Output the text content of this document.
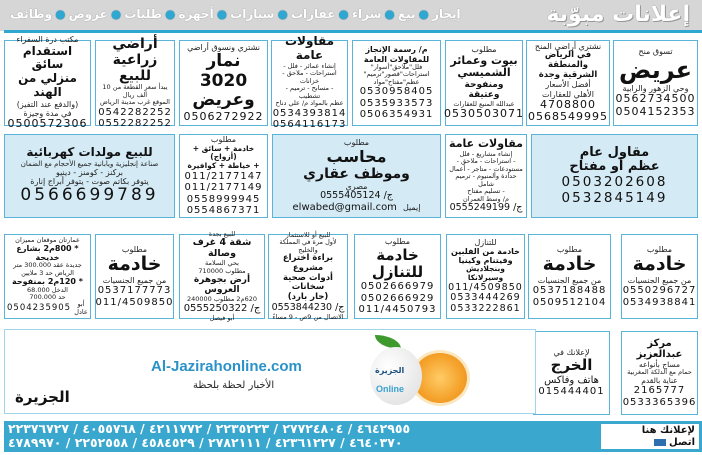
إعلانات مبوّبة
إيجار●بيع●شراء●عقارات●سيارات●أجهزة●طلبات●عروض●وظائف
تسوق منح
عريض
وحي الزهور والرابية
0562734500
0504152353
نشتري أراضي المنح
في الرياض والمنطقة
الشرقية وجدة
أفضل الأسعار
الأهلي للعقارات
4708800
0568549995
مطلوب
بيوت وعمائر
الشميسي
ومنفوحة وعتيقة
عبدالله المنيع للعقارات
0530503071
م/ رسمة الإنجاز
للمقاولات العامة
فلل"ملاحق"أسوار"
استراحات"قصور"ترميم"
عظم"مفتاح"مواد
0530958405
0535933573
0506354931
مقاولات عامة
إنشاء عمائر - فلل -
استراحات - ملاحق - خزانات
- مسابح - ترميم - تشطيب
عظم بالمواد م/ علي دناح
0534393814
0564116173
نشتري ونسوق أراضي
نمار 3020
وعريض
0506272922
أراضي زراعية
للبيع
يبدأ سعر القطعة من 10 ألف ريال
الموقع غرب مدينة الرياض
0542282252
0552282252
مكتب درة السفراء
استقدام سائق
منزلي من الهند
(والدفع عند التفيز)
في مدة وجيزة
0500572306
مقاول عام
عظم أو مفتاح
0503202608
0532845149
مقاولات عامة
إنشاء مشاريع - فلل
- استراحات - ملاحق -
مستودعات - متاجر - أعمال
حدادة وألمنيوم - ترميم شامل
- تسليم مفتاح
م/ وسط العمران
ج/ 0555249199
مطلوب
محاسب
وموظف عقاري
مصري
ج/ 0555405124
إيميل
elwabed@gmail.com
مطلوب
خادمة + سائق + (أزواج)
+ خياطة + كوافيرة
011/2177147
011/2177149
0558999945
0554867371
للبيع مولدات كهربائية
صناعة إنجليزية ويابانية جميع الأحجام مع الضمان
بركنز - كومنز - دينيو
يتوفر بكاتم صوت - يتوفر أبراج إنارة
0566699789
مطلوب
خادمة
من جميع الجنسيات
0550296727
0534938841
مطلوب
خادمة
من جميع الجنسيات
0537188488
0509512104
للتنازل
خادمة من الفلبين
وفيتنام وكينيا
وبنجلاديش وسيرلانكا
011/4509850
0533444269
0533222861
مطلوب
خادمة
للتنازل
0502666979
0502666929
011/4450793
للبيع أو للاستثمار
لأول مرة في المملكة والخليج
براءة اختراع مشروع
أدوات صحية سخانات
(حار بارد)
ج/ 0553844230
الاتصال من 9ص - 9 مساءً
للبيع بجدة
شقة 4 غرف وصالة
بحي السلامة
مطلوب 710000
أرض بجوهرة العروس
620م2 مطلوب 240000
ج/ 0555250322
أبو فيصل
مطلوب
خادمة
من جميع الجنسيات
0537177773
011/4509850
عمارتان موقعان مميزان
* 800م2 بشارع خديجة
جديدة عقد 300.000 متر
الرياض حد 3 ملايين
* 120م2 بمنفوحة
الدخل 68.000
حد 700.000
أبو عادل
0504235905
مركز عبدالعزيز
مساج بأنواعه
حمام مع الدلكة المغربية
عناية بالقدم
2165777
0533365396
لإعلانك في
الخرج
هاتف وفاكس
015444401
الجزيرة
Al-Jazirahonline.com
الأخبار لحظة بلحظة
الجزيرة
Online
٤٦٤٢٩٥٥ / ٢٧٧٢٤٨٠٤ / ٢٢٣٥٢٢٣ / ٤٢١١٧٧٢ / ٤٠٥٥٧٦٨ / ٢٢٣٧٦٧٢٧
٤٦٤٠٣٧٠ / ٤٢٣٦١٢٢٧ / ٢٧٨٢١١١ / ٤٥٨٤٥٢٩ / ٢٢٥٢٥٥٨ / ٤٧٨٩٩٧٠
لإعلانك هنا
اتصل
